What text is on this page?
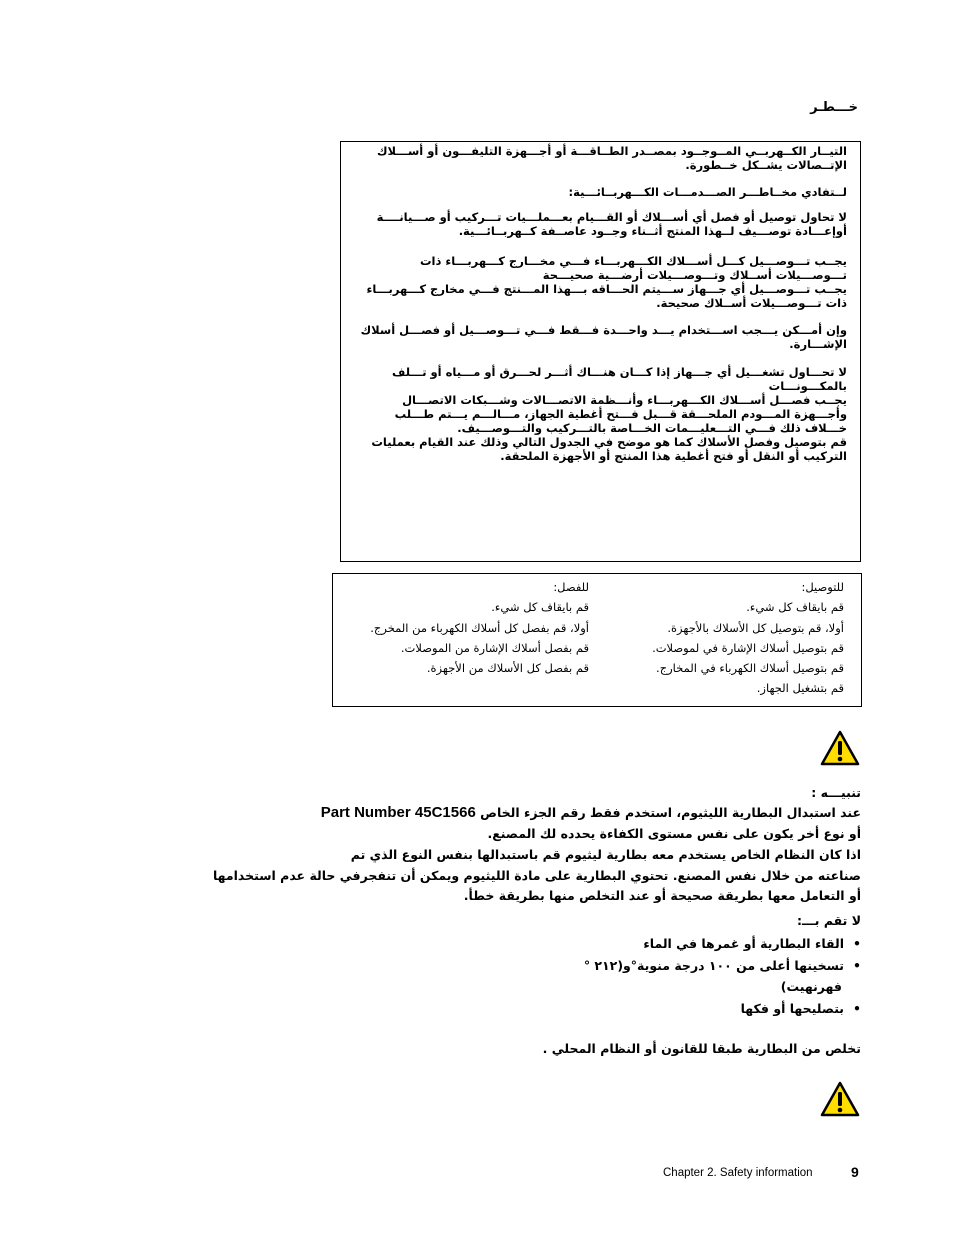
خـــطـر
التيــار الكــهربــي المــوجــود بمصــدر الطــاقـــة أو أجـــهزة التليفـــون أو أســـلاك الإتــصالات يشــكل خــطورة.
لــتفادي مخــاطـــر الصـــدمـــات الكـــهربــائـــية:
لا تحاول توصيل أو فصل أي أســـلاك أو القـــيام بعـــملـــيات تـــركيب أو صـــيانــــة أوإعـــادة توصـــيف لــهذا المنتج أثــناء وجــود عاصــفة كــهربــائـــية.
يجــب تـــوصـــيل كـــل أســـلاك الكـــهربـــاء فـــي مخـــارج كـــهربـــاء ذات تـــوصـــيلات أســلاك وتـــوصـــيلات أرضـــية صحيـــحة
يجــب تـــوصـــيل أي جـــهاز ســـيتم الحـــاقه بـــهذا المـــنتج فـــي مخارج كـــهربـــاء ذات تـــوصـــيلات أســلاك صحيحة.
وإن أمـــكن يـــجب اســـتخدام يـــد واحـــدة فـــقط فـــي تـــوصـــيل أو فصـــل أسلاك الإشـــارة.
لا تحـــاول تشغـــيل أي جـــهاز إذا كـــان هنـــاك أثـــر لحـــرق أو مـــياه أو تـــلف بالمكـــونـــات
يجــب فصـــل أســـلاك الكـــهربـــاء وأنـــظمة الاتصـــالات وشـــبكات الاتصـــال وأجـــهزة المـــودم الملحـــقة قـــبل فـــتح أغطية الجهاز، مـــالـــم يـــتم طـــلب خـــلاف ذلك فـــي التـــعليـــمات الخـــاصة بالتـــركيب والتـــوصـــيف.
قم بتوصيل وفصل الأسلاك كما هو موضح في الجدول التالي وذلك عند القيام بعمليات التركيب أو النقل أو فتح أغطية هذا المنتج أو الأجهزة الملحقة.
للتوصيل:
قم بايقاف كل شيء.
أولا، قم بتوصيل كل الأسلاك بالأجهزة.
قم بتوصيل أسلاك الإشارة في لموصلات.
قم بتوصيل أسلاك الكهرباء في المخارج.
قم بتشغيل الجهاز.
للفصل:
قم بايقاف كل شيء.
أولا، قم بفصل كل أسلاك الكهرباء من المخرج.
قم بفصل أسلاك الإشارة من الموصلات.
قم بفصل كل الأسلاك من الأجهزة.
تنبيـــه :
عند استبدال البطارية الليثيوم، استخدم فقط رقم الجزء الخاص Part Number 45C1566
أو نوع أخر يكون على نفس مستوى الكفاءة يحدده لك المصنع.
اذا كان النظام الخاص يستخدم معه بطارية ليثيوم قم باستبدالها بنفس النوع الذي تم
صناعته من خلال نفس المصنع. تحتوي البطارية على مادة الليثيوم ويمكن أن تنفجرفي حالة عدم استخدامها
أو التعامل معها بطريقة صحيحة أو عند التخلص منها بطريقة خطأ.
لا تقم بـــ:
•القاء البطارية أو غمرها في الماء
•تسخينها أعلى من ١٠٠ درجة منوية°و(٢١٢ °
فهرنهيت)
•بتصليحها أو فكها
تخلص من البطارية طبقا للقانون أو النظام المحلي .
Chapter 2. Safety information	9
